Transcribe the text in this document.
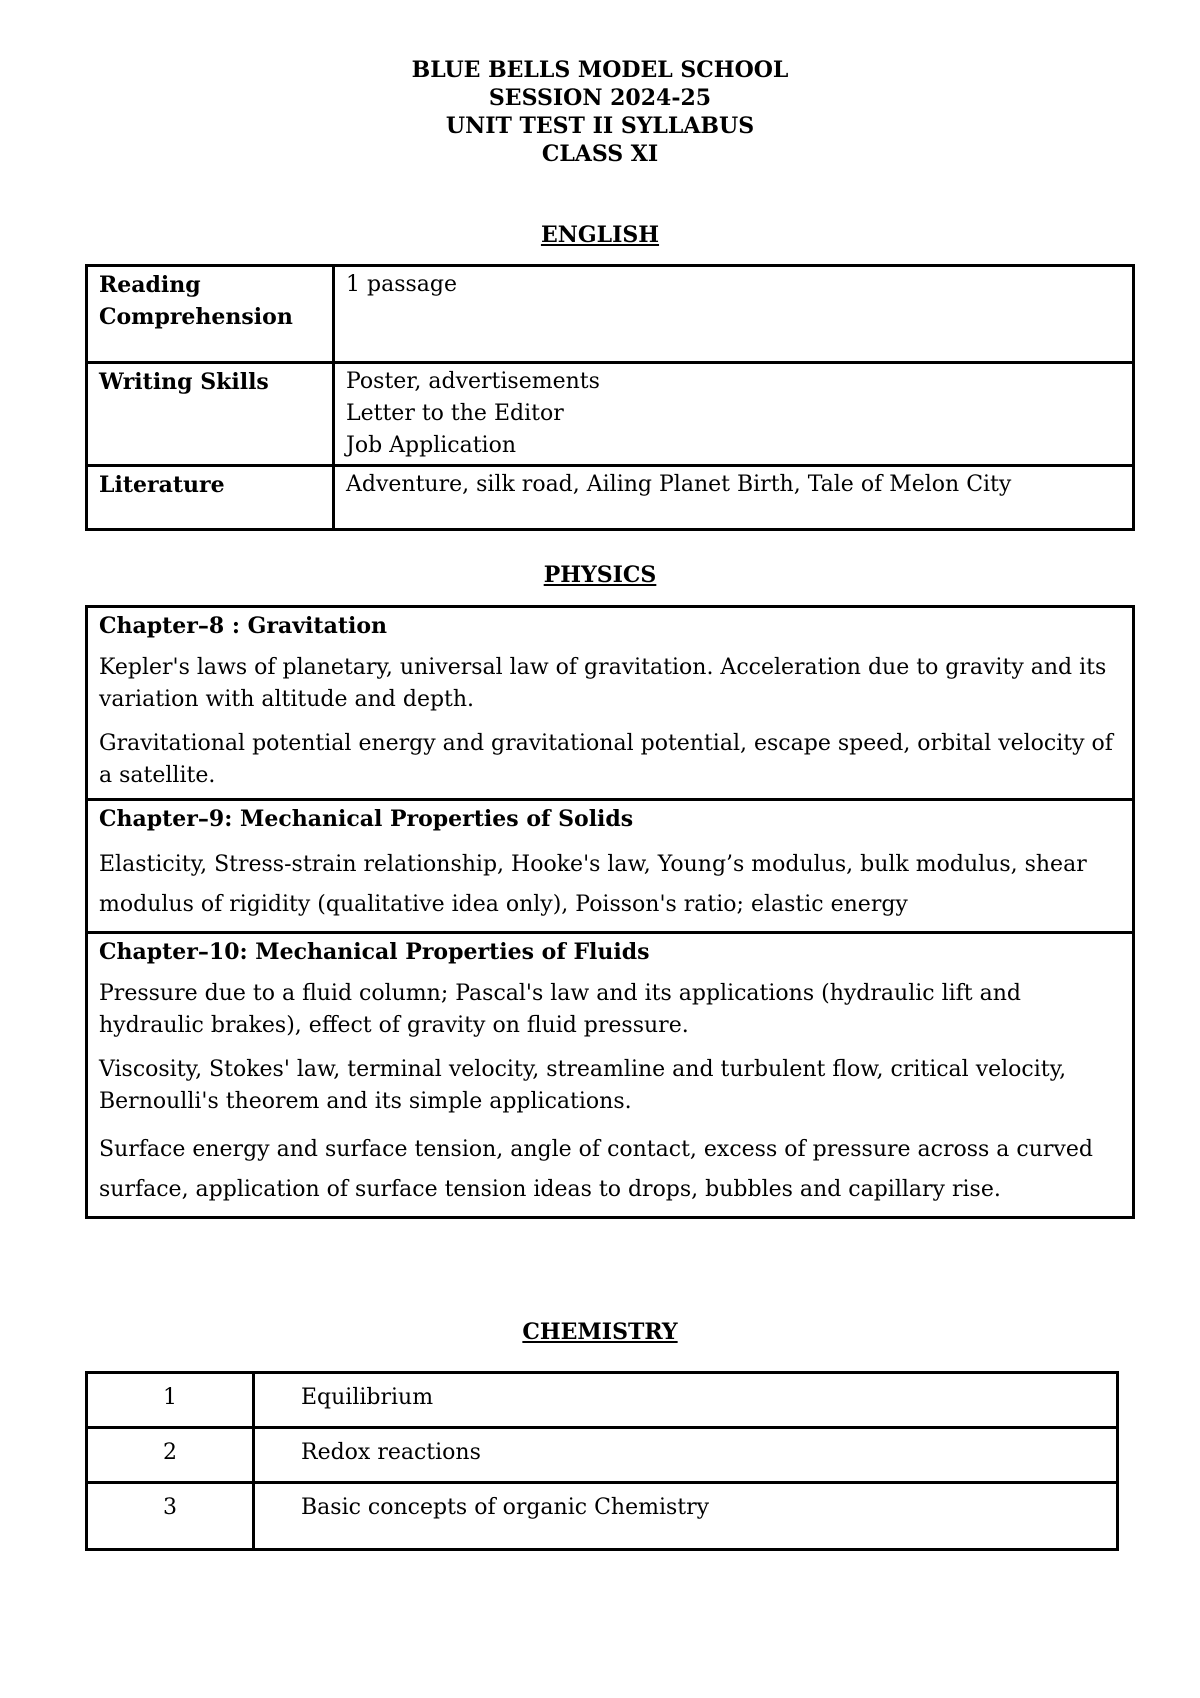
BLUE BELLS MODEL SCHOOL
SESSION 2024-25
UNIT TEST II SYLLABUS
CLASS XI
ENGLISH
Reading Comprehension	1 passage

Writing Skills	Poster, advertisements
Letter to the Editor
Job Application

Literature	Adventure, silk road, Ailing Planet Birth, Tale of Melon City
PHYSICS
Chapter–8 : Gravitation

Kepler's laws of planetary, universal law of gravitation. Acceleration due to gravity and its variation with altitude and depth.

Gravitational potential energy and gravitational potential, escape speed, orbital velocity of a satellite.

Chapter–9: Mechanical Properties of Solids

Elasticity, Stress-strain relationship, Hooke's law, Young’s modulus, bulk modulus, shear modulus of rigidity (qualitative idea only), Poisson's ratio; elastic energy

Chapter–10: Mechanical Properties of Fluids

Pressure due to a fluid column; Pascal's law and its applications (hydraulic lift and hydraulic brakes), effect of gravity on fluid pressure.

Viscosity, Stokes' law, terminal velocity, streamline and turbulent flow, critical velocity, Bernoulli's theorem and its simple applications.

Surface energy and surface tension, angle of contact, excess of pressure across a curved surface, application of surface tension ideas to drops, bubbles and capillary rise.

CHEMISTRY
1	Equilibrium
2	Redox reactions
3	Basic concepts of organic Chemistry
